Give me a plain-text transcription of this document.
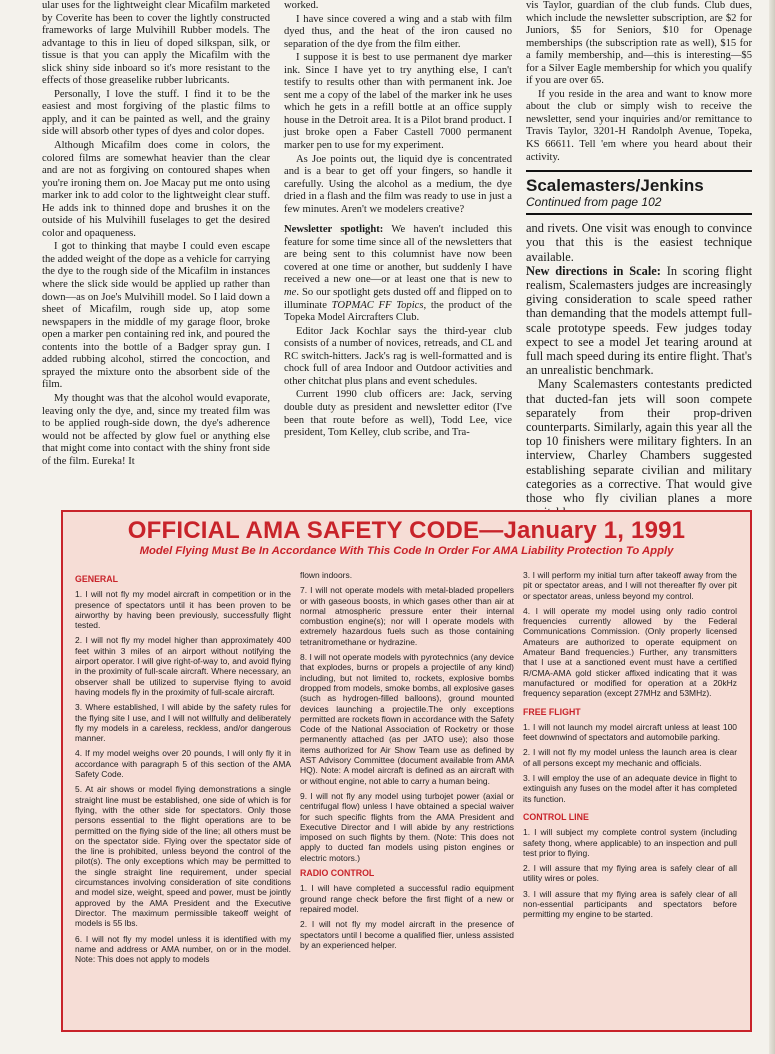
ular uses for the lightweight clear Micafilm marketed by Coverite has been to cover the lightly constructed frameworks of large Mulvihill Rubber models. The advantage to this in lieu of doped silkspan, silk, or tissue is that you can apply the Micafilm with the slick shiny side inboard so it's more resistant to the effects of those greaselike rubber lubricants.

Personally, I love the stuff. I find it to be the easiest and most forgiving of the plastic films to apply, and it can be painted as well, and the grainy side will absorb other types of dyes and color dopes.

Although Micafilm does come in colors, the colored films are somewhat heavier than the clear and are not as forgiving on contoured shapes when you're ironing them on. Joe Macay put me onto using marker ink to add color to the lightweight clear stuff. He adds ink to thinned dope and brushes it on the outside of his Mulvihill fuselages to get the desired color and opaqueness.

I got to thinking that maybe I could even escape the added weight of the dope as a vehicle for carrying the dye to the rough side of the Micafilm in instances where the slick side would be applied up rather than down—as on Joe's Mulvihill model. So I laid down a sheet of Micafilm, rough side up, atop some newspapers in the middle of my garage floor, broke open a marker pen containing red ink, and poured the contents into the bottle of a Badger spray gun. I added rubbing alcohol, stirred the concoction, and sprayed the mixture onto the absorbent side of the film.

My thought was that the alcohol would evaporate, leaving only the dye, and, since my treated film was to be applied rough-side down, the dye's adherence would not be affected by glow fuel or anything else that might come into contact with the shiny front side of the film. Eureka! It

worked.

I have since covered a wing and a stab with film dyed thus, and the heat of the iron caused no separation of the dye from the film either.

I suppose it is best to use permanent dye marker ink. Since I have yet to try anything else, I can't testify to results other than with permanent ink. Joe sent me a copy of the label of the marker ink he uses which he gets in a refill bottle at an office supply house in the Detroit area. It is a Pilot brand product. I just broke open a Faber Castell 7000 permanent marker pen to use for my experiment.

As Joe points out, the liquid dye is concentrated and is a bear to get off your fingers, so handle it carefully. Using the alcohol as a medium, the dye dried in a flash and the film was ready to use in just a few minutes. Aren't we modelers creative?

Newsletter spotlight: We haven't included this feature for some time since all of the newsletters that are being sent to this columnist have now been covered at one time or another, but suddenly I have received a new one—or at least one that is new to me. So our spotlight gets dusted off and flipped on to illuminate TOPMAC FF Topics, the product of the Topeka Model Aircrafters Club.

Editor Jack Kochlar says the third-year club consists of a number of novices, retreads, and CL and RC switch-hitters. Jack's rag is well-formatted and is chock full of area Indoor and Outdoor activities and other chitchat plus plans and event schedules.

Current 1990 club officers are: Jack, serving double duty as president and newsletter editor (I've been that route before as well), Todd Lee, vice president, Tom Kelley, club scribe, and Tra-

vis Taylor, guardian of the club funds. Club dues, which include the newsletter subscription, are $2 for Juniors, $5 for Seniors, $10 for Openage memberships (the subscription rate as well), $15 for a family membership, and—this is interesting—$5 for a Silver Eagle membership for which you qualify if you are over 65.

If you reside in the area and want to know more about the club or simply wish to receive the newsletter, send your inquiries and/or remittance to Travis Taylor, 3201-H Randolph Avenue, Topeka, KS 66611. Tell 'em where you heard about their activity.

Scalemasters/Jenkins
Continued from page 102

and rivets. One visit was enough to convince you that this is the easiest technique available.

New directions in Scale: In scoring flight realism, Scalemasters judges are increasingly giving consideration to scale speed rather than demanding that the models attempt full-scale prototype speeds. Few judges today expect to see a model Jet tearing around at full mach speed during its entire flight. That's an unrealistic benchmark.

Many Scalemasters contestants predicted that ducted-fan jets will soon compete separately from their prop-driven counterparts. Similarly, again this year all the top 10 finishers were military fighters. In an interview, Charley Chambers suggested establishing separate civilian and military categories as a corrective. That would give those who fly civilian planes a more

OFFICIAL AMA SAFETY CODE—January 1, 1991
Model Flying Must Be In Accordance With This Code In Order For AMA Liability Protection To Apply
GENERAL

1. I will not fly my model aircraft in competition or in the presence of spectators until it has been proven to be airworthy by having been previously, successfully flight tested.

2. I will not fly my model higher than approximately 400 feet within 3 miles of an airport without notifying the airport operator. I will give right-of-way to, and avoid flying in the proximity of full-scale aircraft. Where necessary, an observer shall be utilized to supervise flying to avoid having models fly in the proximity of full-scale aircraft.

3. Where established, I will abide by the safety rules for the flying site I use, and I will not willfully and deliberately fly my models in a careless, reckless, and/or dangerous manner.

4. If my model weighs over 20 pounds, I will only fly it in accordance with paragraph 5 of this section of the AMA Safety Code.

5. At air shows or model flying demonstrations a single straight line must be established, one side of which is for flying, with the other side for spectators. Only those persons essential to the flight operations are to be permitted on the flying side of the line; all others must be on the spectator side. Flying over the spectator side of the line is prohibited, unless beyond the control of the pilot(s). The only exceptions which may be permitted to the single straight line requirement, under special circumstances involving consideration of site conditions and model size, weight, speed and power, must be jointly approved by the AMA President and the Executive Director. The maximum permissible takeoff weight of models is 55 lbs.

6. I will not fly my model unless it is identified with my name and address or AMA number, on or in the model. Note: This does not apply to models

flown indoors.

7. I will not operate models with metal-bladed propellers or with gaseous boosts, in which gases other than air at normal atmospheric pressure enter their internal combustion engine(s); nor will I operate models with extremely hazardous fuels such as those containing tetranitromethane or hydrazine.

8. I will not operate models with pyrotechnics (any device that explodes, burns or propels a projectile of any kind) including, but not limited to, rockets, explosive bombs dropped from models, smoke bombs, all explosive gases (such as hydrogen-filled balloons), ground mounted devices launching a projectile.The only exceptions permitted are rockets flown in accordance with the Safety Code of the National Association of Rocketry or those permanently attached (as per JATO use); also those items authorized for Air Show Team use as defined by AST Advisory Committee (document available from AMA HQ). Note: A model aircraft is defined as an aircraft with or without engine, not able to carry a human being.

9. I will not fly any model using turbojet power (axial or centrifugal flow) unless I have obtained a special waiver for such specific flights from the AMA President and Executive Director and I will abide by any restrictions imposed on such flights by them. (Note: This does not apply to ducted fan models using piston engines or electric motors.)

RADIO CONTROL

1. I will have completed a successful radio equipment ground range check before the first flight of a new or repaired model.

2. I will not fly my model aircraft in the presence of spectators until I become a qualified flier, unless assisted by an experienced helper.

3. I will perform my initial turn after takeoff away from the pit or spectator areas, and I will not thereafter fly over pit or spectator areas, unless beyond my control.

4. I will operate my model using only radio control frequencies currently allowed by the Federal Communications Commission. (Only properly licensed Amateurs are authorized to operate equipment on Amateur Band frequencies.) Further, any transmitters that I use at a sanctioned event must have a certified R/CMA-AMA gold sticker affixed indicating that it was manufactured or modified for operation at a 20kHz frequency separation (except 27MHz and 53MHz).

FREE FLIGHT

1. I will not launch my model aircraft unless at least 100 feet downwind of spectators and automobile parking.

2. I will not fly my model unless the launch area is clear of all persons except my mechanic and officials.

3. I will employ the use of an adequate device in flight to extinguish any fuses on the model after it has completed its function.

CONTROL LINE

1. I will subject my complete control system (including safety thong, where applicable) to an inspection and pull test prior to flying.

2. I will assure that my flying area is safely clear of all utility wires or poles.

3. I will assure that my flying area is safely clear of all non-essential participants and spectators before permitting my engine to be started.
